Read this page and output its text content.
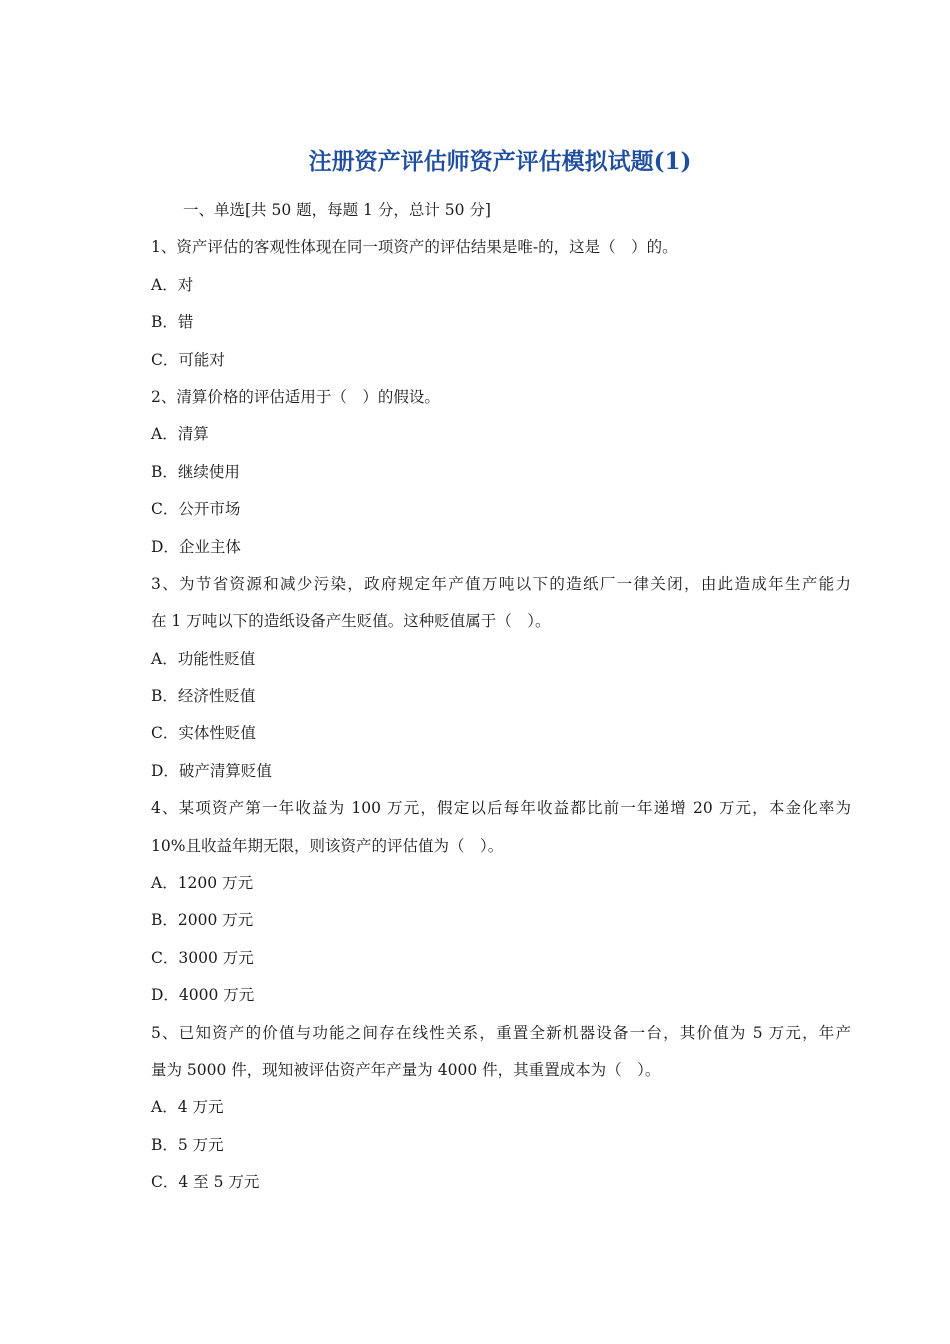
注册资产评估师资产评估模拟试题(1)
一、单选[共 50 题，每题 1 分，总计 50 分]
1、资产评估的客观性体现在同一项资产的评估结果是唯-的，这是（　）的。
A．对
B．错
C．可能对
2、清算价格的评估适用于（　）的假设。
A．清算
B．继续使用
C．公开市场
D．企业主体
3、为节省资源和减少污染，政府规定年产值万吨以下的造纸厂一律关闭，由此造成年生产能力
在 1 万吨以下的造纸设备产生贬值。这种贬值属于（　）。
A．功能性贬值
B．经济性贬值
C．实体性贬值
D．破产清算贬值
4、某项资产第一年收益为 100 万元，假定以后每年收益都比前一年递增 20 万元，本金化率为
10%且收益年期无限，则该资产的评估值为（　）。
A．1200 万元
B．2000 万元
C．3000 万元
D．4000 万元
5、已知资产的价值与功能之间存在线性关系，重置全新机器设备一台，其价值为 5 万元，年产
量为 5000 件，现知被评估资产年产量为 4000 件，其重置成本为（　）。
A．4 万元
B．5 万元
C．4 至 5 万元
